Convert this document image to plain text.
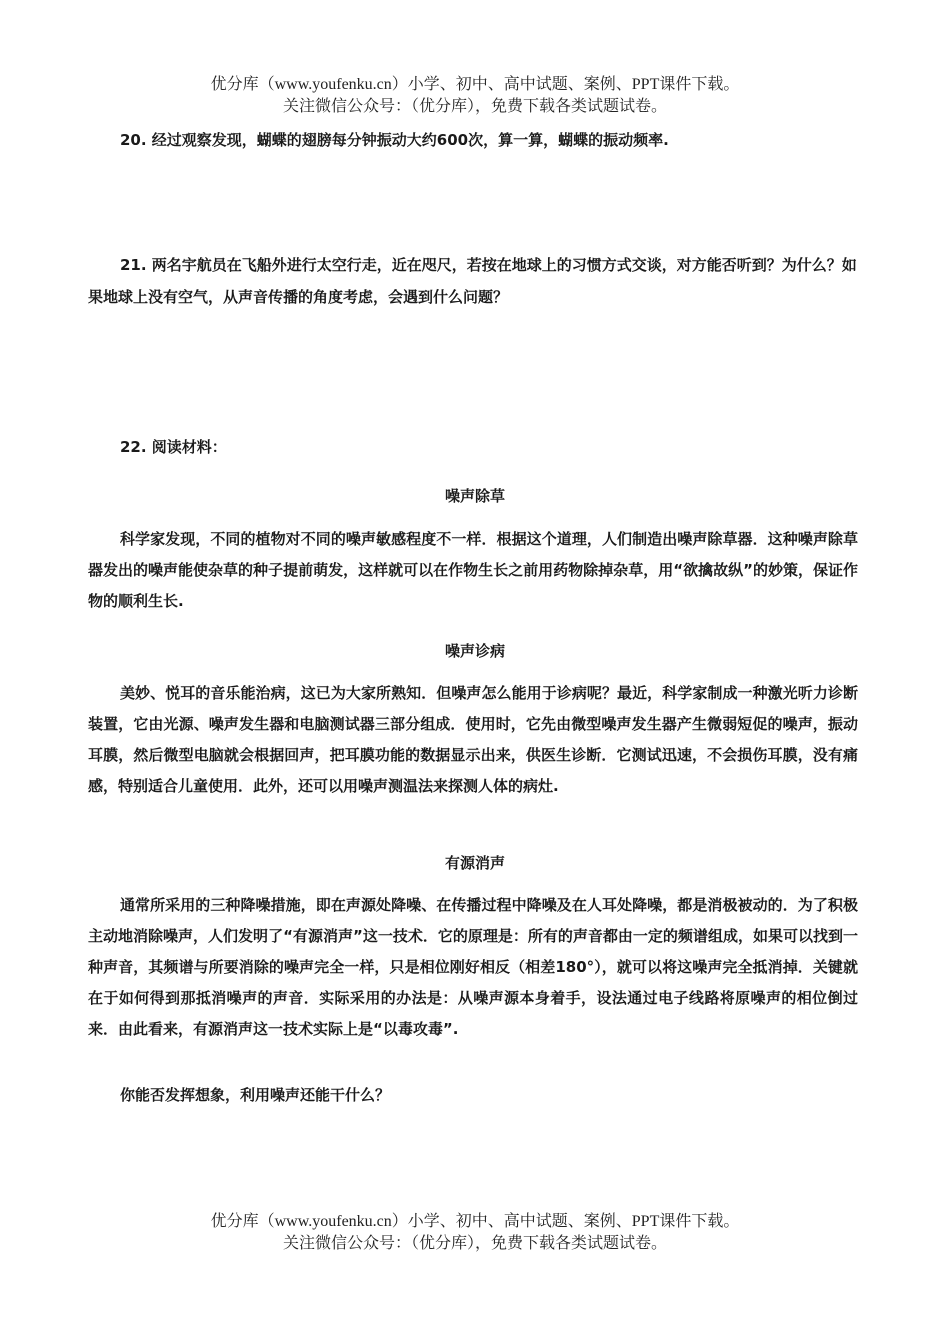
优分库（www.youfenku.cn）小学、初中、高中试题、案例、PPT课件下载。
关注微信公众号：（优分库），免费下载各类试题试卷。

20. 经过观察发现，蝴蝶的翅膀每分钟振动大约600次，算一算，蝴蝶的振动频率.

21. 两名宇航员在飞船外进行太空行走，近在咫尺，若按在地球上的习惯方式交谈，对方能否听到？为什么？如果地球上没有空气，从声音传播的角度考虑，会遇到什么问题？

22. 阅读材料：

噪声除草
科学家发现，不同的植物对不同的噪声敏感程度不一样．根据这个道理，人们制造出噪声除草器．这种噪声除草器发出的噪声能使杂草的种子提前萌发，这样就可以在作物生长之前用药物除掉杂草，用“欲擒故纵”的妙策，保证作物的顺利生长.
噪声诊病
美妙、悦耳的音乐能治病，这已为大家所熟知．但噪声怎么能用于诊病呢？最近，科学家制成一种激光听力诊断装置，它由光源、噪声发生器和电脑测试器三部分组成．使用时，它先由微型噪声发生器产生微弱短促的噪声，振动耳膜，然后微型电脑就会根据回声，把耳膜功能的数据显示出来，供医生诊断．它测试迅速，不会损伤耳膜，没有痛感，特别适合儿童使用．此外，还可以用噪声测温法来探测人体的病灶.
有源消声
通常所采用的三种降噪措施，即在声源处降噪、在传播过程中降噪及在人耳处降噪，都是消极被动的．为了积极主动地消除噪声，人们发明了“有源消声”这一技术．它的原理是：所有的声音都由一定的频谱组成，如果可以找到一种声音，其频谱与所要消除的噪声完全一样，只是相位刚好相反（相差180°），就可以将这噪声完全抵消掉．关键就在于如何得到那抵消噪声的声音．实际采用的办法是：从噪声源本身着手，设法通过电子线路将原噪声的相位倒过来．由此看来，有源消声这一技术实际上是“以毒攻毒”.
你能否发挥想象，利用噪声还能干什么？
优分库（www.youfenku.cn）小学、初中、高中试题、案例、PPT课件下载。
关注微信公众号：（优分库），免费下载各类试题试卷。
